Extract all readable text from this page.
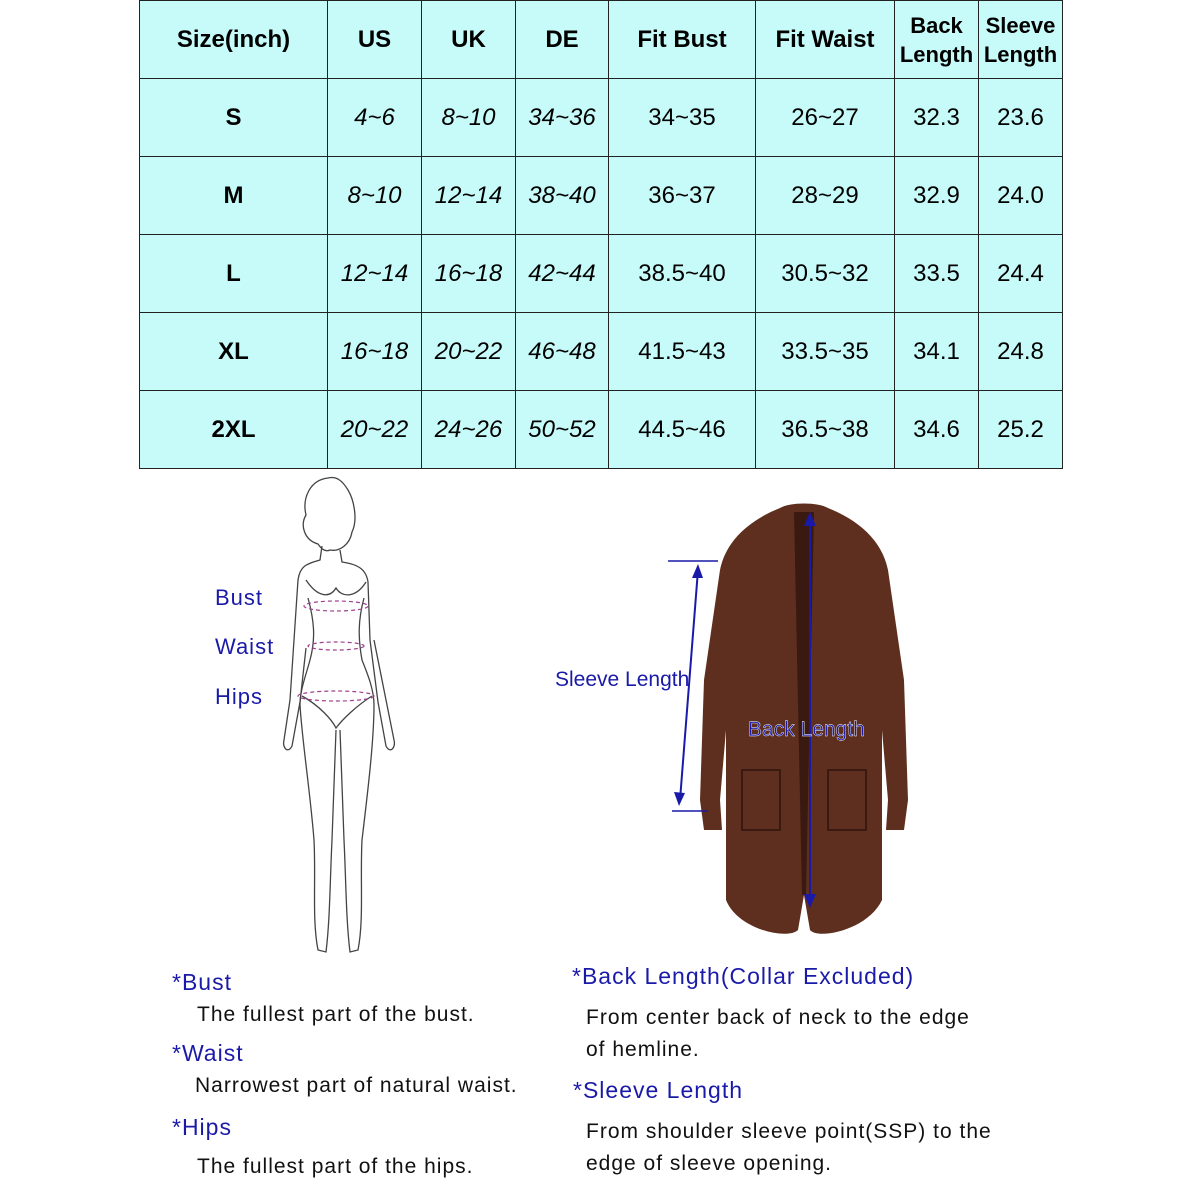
Size(inch)	US	UK	DE	Fit Bust	Fit Waist	Back Length	Sleeve Length
S	4~6	8~10	34~36	34~35	26~27	32.3	23.6
M	8~10	12~14	38~40	36~37	28~29	32.9	24.0
L	12~14	16~18	42~44	38.5~40	30.5~32	33.5	24.4
XL	16~18	20~22	46~48	41.5~43	33.5~35	34.1	24.8
2XL	20~22	24~26	50~52	44.5~46	36.5~38	34.6	25.2
Bust
Waist
Hips
Sleeve Length
Back Length
*Bust
The fullest part of the bust.
*Waist
Narrowest part of natural waist.
*Hips
The fullest part of the hips.
*Back Length(Collar Excluded)
From center back of neck to the edge
of hemline.
*Sleeve Length
From shoulder sleeve point(SSP) to the
edge of sleeve opening.
